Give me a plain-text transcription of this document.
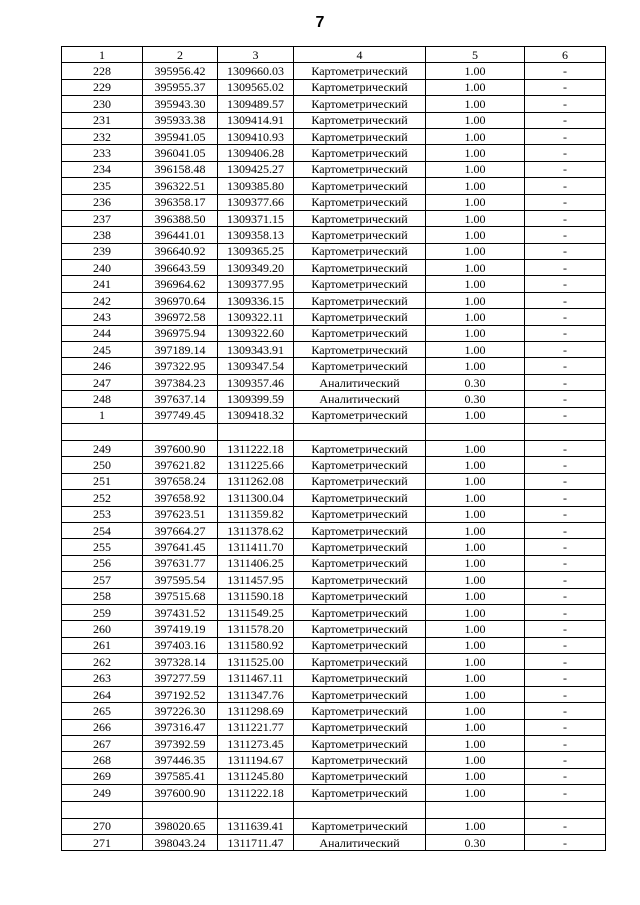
7
1	2	3	4	5	6
228	395956.42	1309660.03	Картометрический	1.00	-
229	395955.37	1309565.02	Картометрический	1.00	-
230	395943.30	1309489.57	Картометрический	1.00	-
231	395933.38	1309414.91	Картометрический	1.00	-
232	395941.05	1309410.93	Картометрический	1.00	-
233	396041.05	1309406.28	Картометрический	1.00	-
234	396158.48	1309425.27	Картометрический	1.00	-
235	396322.51	1309385.80	Картометрический	1.00	-
236	396358.17	1309377.66	Картометрический	1.00	-
237	396388.50	1309371.15	Картометрический	1.00	-
238	396441.01	1309358.13	Картометрический	1.00	-
239	396640.92	1309365.25	Картометрический	1.00	-
240	396643.59	1309349.20	Картометрический	1.00	-
241	396964.62	1309377.95	Картометрический	1.00	-
242	396970.64	1309336.15	Картометрический	1.00	-
243	396972.58	1309322.11	Картометрический	1.00	-
244	396975.94	1309322.60	Картометрический	1.00	-
245	397189.14	1309343.91	Картометрический	1.00	-
246	397322.95	1309347.54	Картометрический	1.00	-
247	397384.23	1309357.46	Аналитический	0.30	-
248	397637.14	1309399.59	Аналитический	0.30	-
1	397749.45	1309418.32	Картометрический	1.00	-

249	397600.90	1311222.18	Картометрический	1.00	-
250	397621.82	1311225.66	Картометрический	1.00	-
251	397658.24	1311262.08	Картометрический	1.00	-
252	397658.92	1311300.04	Картометрический	1.00	-
253	397623.51	1311359.82	Картометрический	1.00	-
254	397664.27	1311378.62	Картометрический	1.00	-
255	397641.45	1311411.70	Картометрический	1.00	-
256	397631.77	1311406.25	Картометрический	1.00	-
257	397595.54	1311457.95	Картометрический	1.00	-
258	397515.68	1311590.18	Картометрический	1.00	-
259	397431.52	1311549.25	Картометрический	1.00	-
260	397419.19	1311578.20	Картометрический	1.00	-
261	397403.16	1311580.92	Картометрический	1.00	-
262	397328.14	1311525.00	Картометрический	1.00	-
263	397277.59	1311467.11	Картометрический	1.00	-
264	397192.52	1311347.76	Картометрический	1.00	-
265	397226.30	1311298.69	Картометрический	1.00	-
266	397316.47	1311221.77	Картометрический	1.00	-
267	397392.59	1311273.45	Картометрический	1.00	-
268	397446.35	1311194.67	Картометрический	1.00	-
269	397585.41	1311245.80	Картометрический	1.00	-
249	397600.90	1311222.18	Картометрический	1.00	-

270	398020.65	1311639.41	Картометрический	1.00	-
271	398043.24	1311711.47	Аналитический	0.30	-
